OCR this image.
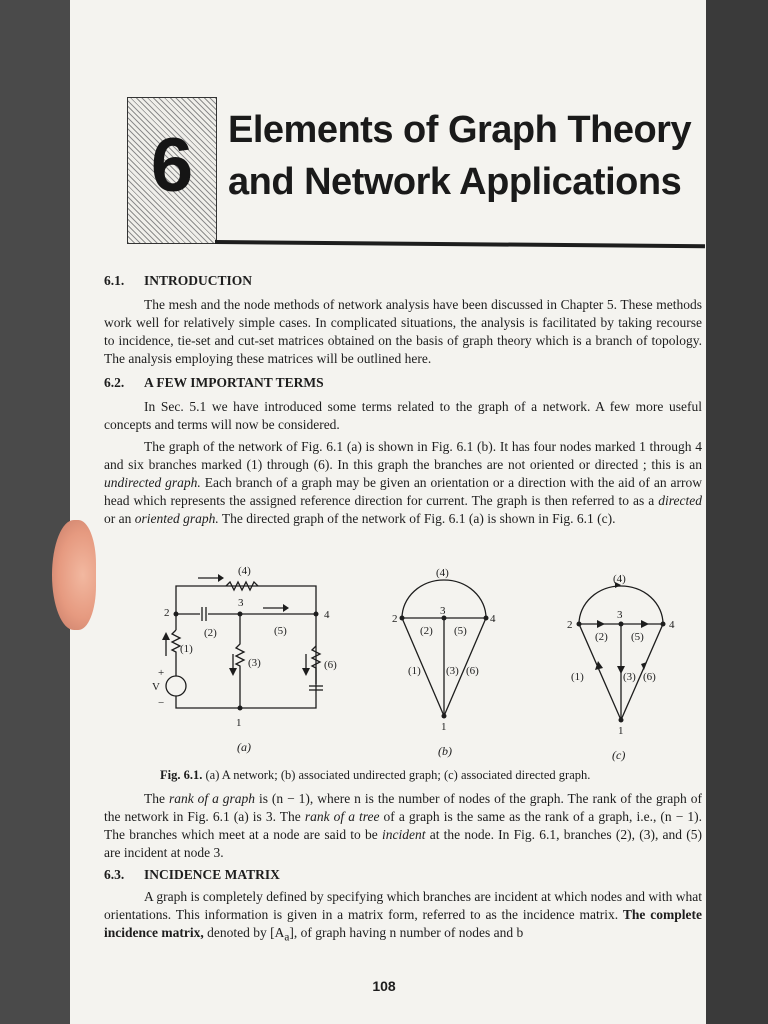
6 Elements of Graph Theory
and Network Applications
6.1. INTRODUCTION

The mesh and the node methods of network analysis have been discussed in Chapter 5. These methods work well for relatively simple cases. In complicated situations, the analysis is facilitated by taking recourse to incidence, tie-set and cut-set matrices obtained on the basis of graph theory which is a branch of topology. The analysis employing these matrices will be outlined here.

6.2. A FEW IMPORTANT TERMS

In Sec. 5.1 we have introduced some terms related to the graph of a network. A few more useful concepts and terms will now be considered.

The graph of the network of Fig. 6.1 (a) is shown in Fig. 6.1 (b). It has four nodes marked 1 through 4 and six branches marked (1) through (6). In this graph the branches are not oriented or directed ; this is an undirected graph. Each branch of a graph may be given an orientation or a direction with the aid of an arrow head which represents the assigned reference direction for current. The graph is then referred to as a directed or an oriented graph. The directed graph of the network of Fig. 6.1 (a) is shown in Fig. 6.1 (c).

(4)
2
3
4
(2)	(5)
(1)
(3)	(6)
+
V
−
1
(a)
(4)
2
3
4
(2) (5)
(1) (3) (6)
1
(b)
(4)
2
3
4
(2) (5)
(1)	(3) (6)
1
(c)
Fig. 6.1. (a) A network; (b) associated undirected graph; (c) associated directed graph.

The rank of a graph is (n − 1), where n is the number of nodes of the graph. The rank of the graph of the network in Fig. 6.1 (a) is 3. The rank of a tree of a graph is the same as the rank of a graph, i.e., (n − 1). The branches which meet at a node are said to be incident at the node. In Fig. 6.1, branches (2), (3), and (5) are incident at node 3.

6.3. INCIDENCE MATRIX

A graph is completely defined by specifying which branches are incident at which nodes and with what orientations. This information is given in a matrix form, referred to as the incidence matrix. The complete incidence matrix, denoted by $[A_a]$, of graph having n number of nodes and b

108
